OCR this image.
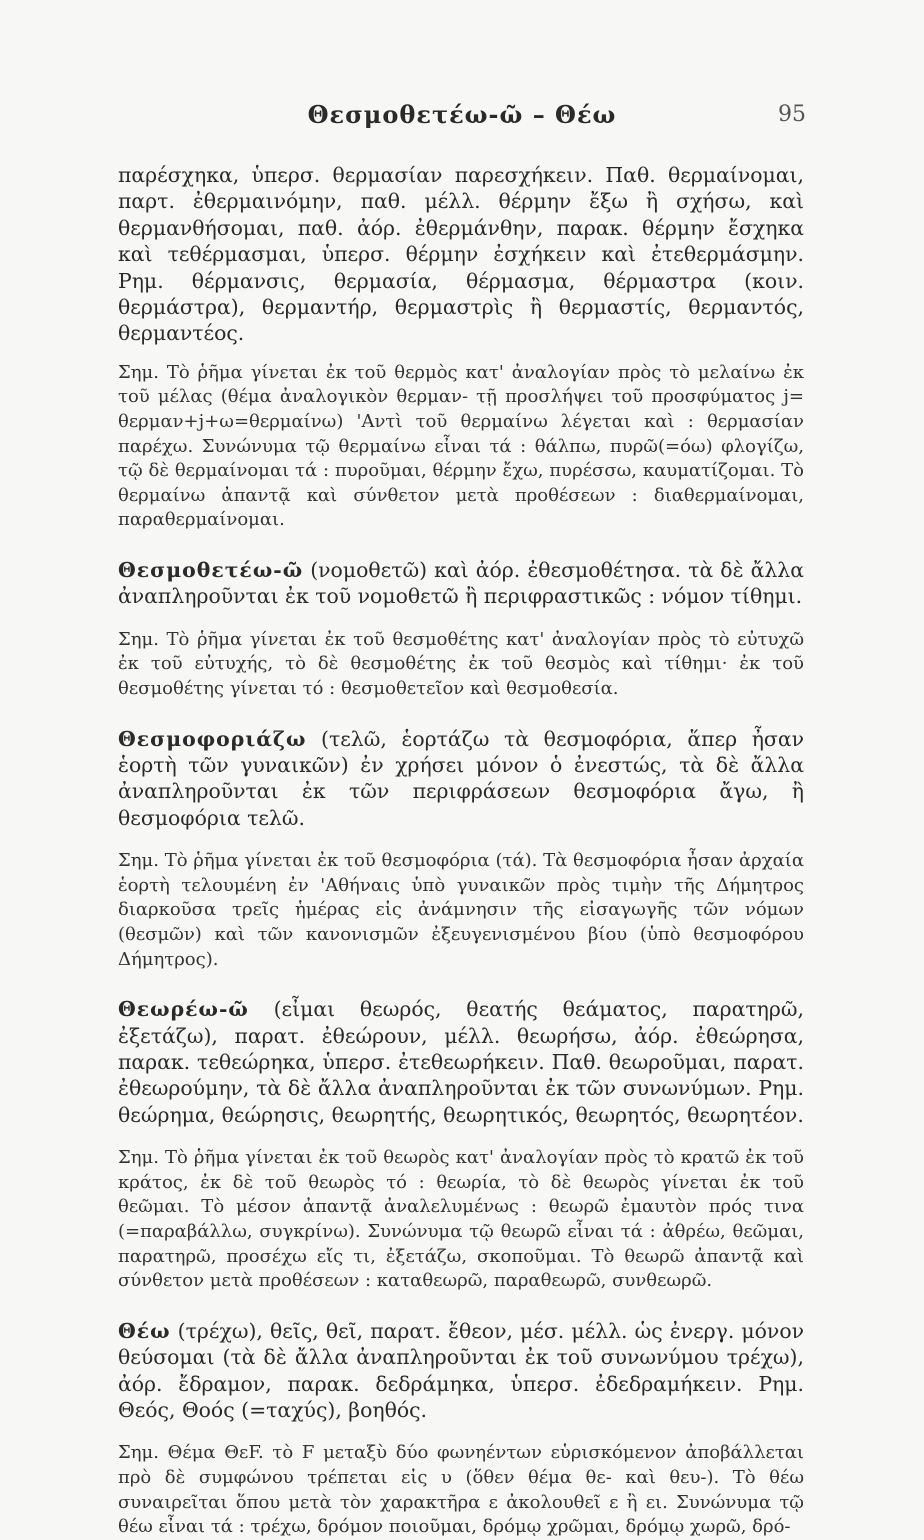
Θεσμοθετέω-ῶ – Θέω	95

παρέσχηκα, ὑπερσ. θερμασίαν παρεσχήκειν. Παθ. θερμαίνομαι, παρτ. ἐθερμαινόμην, παθ. μέλλ. θέρμην ἔξω ἢ σχήσω, καὶ θερμανθήσομαι, παθ. ἀόρ. ἐθερμάνθην, παρακ. θέρμην ἔσχηκα καὶ τεθέρμασμαι, ὑπερσ. θέρμην ἐσχήκειν καὶ ἐτεθερμάσμην. Ρημ. θέρμανσις, θερμασία, θέρμασμα, θέρμαστρα (κοιν. θερμάστρα), θερμαντήρ, θερμαστρὶς ἢ θερμαστίς, θερμαντός, θερμαντέος.

Σημ. Τὸ ῥῆμα γίνεται ἐκ τοῦ θερμὸς κατ' ἀναλογίαν πρὸς τὸ μελαίνω ἐκ τοῦ μέλας (θέμα ἀναλογικὸν θερμαν- τῇ προσλήψει τοῦ προσφύματος j= θερμαν+j+ω=θερμαίνω) 'Αντὶ τοῦ θερμαίνω λέγεται καὶ : θερμασίαν παρέχω. Συνώνυμα τῷ θερμαίνω εἶναι τά : θάλπω, πυρῶ(=όω) φλογίζω, τῷ δὲ θερμαίνομαι τά : πυροῦμαι, θέρμην ἔχω, πυρέσσω, καυματίζομαι. Τὸ θερμαίνω ἀπαντᾷ καὶ σύνθετον μετὰ προθέσεων : διαθερμαίνομαι, παραθερμαίνομαι.

Θεσμοθετέω-ῶ (νομοθετῶ) καὶ ἀόρ. ἐθεσμοθέτησα. τὰ δὲ ἄλλα ἀναπληροῦνται ἐκ τοῦ νομοθετῶ ἢ περιφραστικῶς : νόμον τίθημι.

Σημ. Τὸ ῥῆμα γίνεται ἐκ τοῦ θεσμοθέτης κατ' ἀναλογίαν πρὸς τὸ εὐτυχῶ ἐκ τοῦ εὐτυχής, τὸ δὲ θεσμοθέτης ἐκ τοῦ θεσμὸς καὶ τίθημι· ἐκ τοῦ θεσμοθέτης γίνεται τό : θεσμοθετεῖον καὶ θεσμοθεσία.

Θεσμοφοριάζω (τελῶ, ἑορτάζω τὰ θεσμοφόρια, ἅπερ ἦσαν ἑορτὴ τῶν γυναικῶν) ἐν χρήσει μόνον ὁ ἐνεστώς, τὰ δὲ ἄλλα ἀναπληροῦνται ἐκ τῶν περιφράσεων θεσμοφόρια ἄγω, ἢ θεσμοφόρια τελῶ.

Σημ. Τὸ ῥῆμα γίνεται ἐκ τοῦ θεσμοφόρια (τά). Τὰ θεσμοφόρια ἦσαν ἀρχαία ἑορτὴ τελουμένη ἐν 'Αθήναις ὑπὸ γυναικῶν πρὸς τιμὴν τῆς Δήμητρος διαρκοῦσα τρεῖς ἡμέρας εἰς ἀνάμνησιν τῆς εἰσαγωγῆς τῶν νόμων (θεσμῶν) καὶ τῶν κανονισμῶν ἐξευγενισμένου βίου (ὑπὸ θεσμοφόρου Δήμητρος).

Θεωρέω-ῶ (εἶμαι θεωρός, θεατής θεάματος, παρατηρῶ, ἐξετάζω), παρατ. ἐθεώρουν, μέλλ. θεωρήσω, ἀόρ. ἐθεώρησα, παρακ. τεθεώρηκα, ὑπερσ. ἐτεθεωρήκειν. Παθ. θεωροῦμαι, παρατ. ἐθεωρούμην, τὰ δὲ ἄλλα ἀναπληροῦνται ἐκ τῶν συνωνύμων. Ρημ. θεώρημα, θεώρησις, θεωρητής, θεωρητικός, θεωρητός, θεωρητέον.

Σημ. Τὸ ῥῆμα γίνεται ἐκ τοῦ θεωρὸς κατ' ἀναλογίαν πρὸς τὸ κρατῶ ἐκ τοῦ κράτος, ἐκ δὲ τοῦ θεωρὸς τό : θεωρία, τὸ δὲ θεωρὸς γίνεται ἐκ τοῦ θεῶμαι. Τὸ μέσον ἀπαντᾷ ἀναλελυμένως : θεωρῶ ἐμαυτὸν πρός τινα (=παραβάλλω, συγκρίνω). Συνώνυμα τῷ θεωρῶ εἶναι τά : ἀθρέω, θεῶμαι, παρατηρῶ, προσέχω εἴς τι, ἐξετάζω, σκοποῦμαι. Τὸ θεωρῶ ἀπαντᾷ καὶ σύνθετον μετὰ προθέσεων : καταθεωρῶ, παραθεωρῶ, συνθεωρῶ.

Θέω (τρέχω), θεῖς, θεῖ, παρατ. ἔθεον, μέσ. μέλλ. ὡς ἐνεργ. μόνον θεύσομαι (τὰ δὲ ἄλλα ἀναπληροῦνται ἐκ τοῦ συνωνύμου τρέχω), ἀόρ. ἔδραμον, παρακ. δεδράμηκα, ὑπερσ. ἐδεδραμήκειν. Ρημ. Θεός, Θοός (=ταχύς), βοηθός.

Σημ. Θέμα ΘεF. τὸ F μεταξὺ δύο φωνηέντων εὑρισκόμενον ἀποβάλλεται πρὸ δὲ συμφώνου τρέπεται εἰς υ (ὅθεν θέμα θε- καὶ θευ-). Τὸ θέω συναιρεῖται ὅπου μετὰ τὸν χαρακτῆρα ε ἀκολουθεῖ ε ἢ ει. Συνώνυμα τῷ θέω εἶναι τά : τρέχω, δρόμον ποιοῦμαι, δρόμῳ χρῶμαι, δρόμῳ χωρῶ, δρό-
